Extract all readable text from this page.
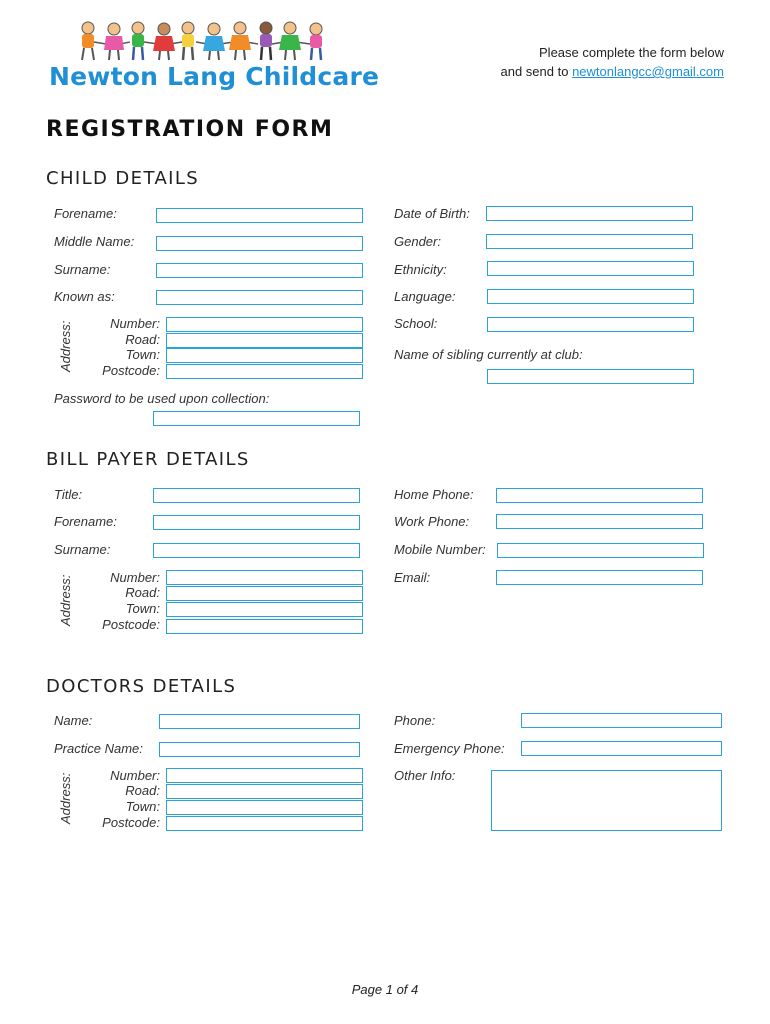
Newton Lang Childcare
Please complete the form below
and send to newtonlangcc@gmail.com
REGISTRATION FORM
CHILD DETAILS
Forename:
Middle Name:
Surname:
Known as:
Address:	Number:
Road:
Town:
Postcode:
Date of Birth:
Gender:
Ethnicity:
Language:
School:
Name of sibling currently at club:
Password to be used upon collection:
BILL PAYER DETAILS
Title:
Forename:
Surname:
Address:	Number:
Road:
Town:
Postcode:
Home Phone:
Work Phone:
Mobile Number:
Email:
DOCTORS DETAILS
Name:
Practice Name:
Address:	Number:
Road:
Town:
Postcode:
Phone:
Emergency Phone:
Other Info:
Page 1 of 4
